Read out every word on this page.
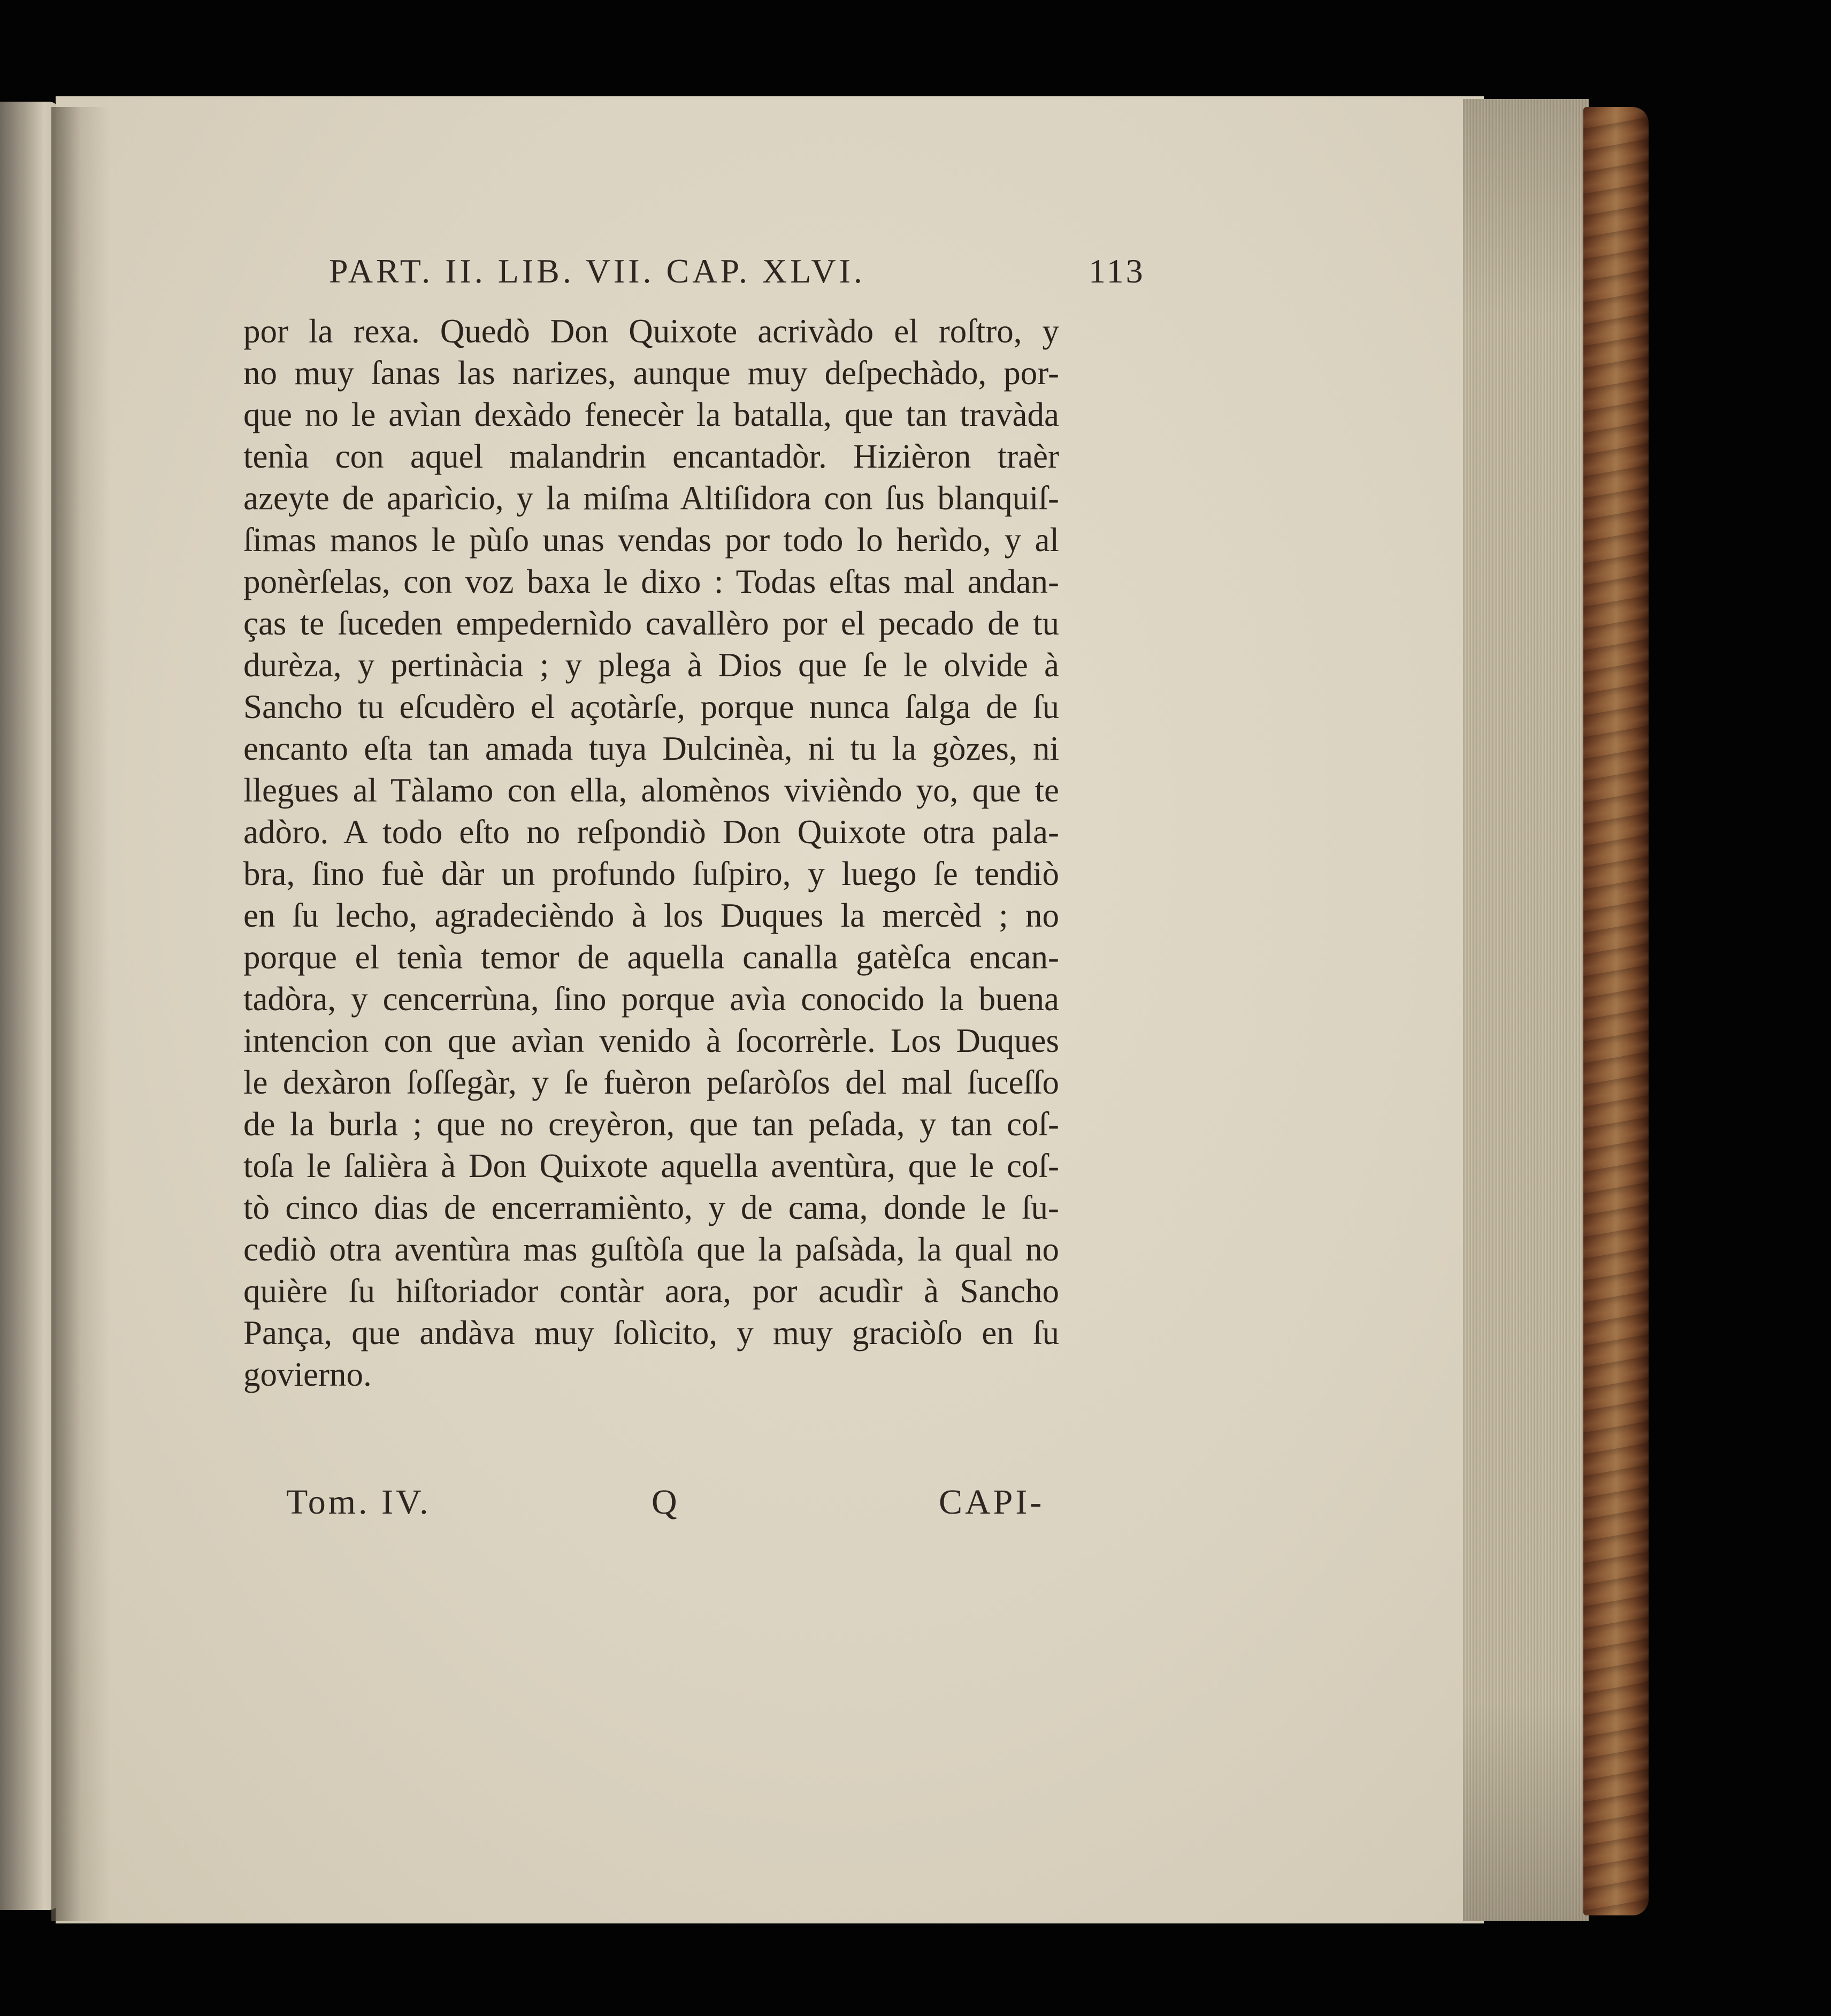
PART. II. LIB. VII. CAP. XLVI.	113
por la rexa. Quedò Don Quixote acrivàdo el roſtro, y
no muy ſanas las narizes, aunque muy deſpechàdo, por-
que no le avìan dexàdo fenecèr la batalla, que tan travàda
tenìa con aquel malandrin encantadòr. Hizièron traèr
azeyte de aparìcio, y la miſma Altiſidora con ſus blanquiſ-
ſimas manos le pùſo unas vendas por todo lo herìdo, y al
ponèrſelas, con voz baxa le dixo : Todas eſtas mal andan-
ças te ſuceden empedernìdo cavallèro por el pecado de tu
durèza, y pertinàcia ; y plega à Dios que ſe le olvide à
Sancho tu eſcudèro el açotàrſe, porque nunca ſalga de ſu
encanto eſta tan amada tuya Dulcinèa, ni tu la gòzes, ni
llegues al Tàlamo con ella, alomènos vivièndo yo, que te
adòro. A todo eſto no reſpondiò Don Quixote otra pala-
bra, ſino fuè dàr un profundo ſuſpiro, y luego ſe tendiò
en ſu lecho, agradecièndo à los Duques la mercèd ; no
porque el tenìa temor de aquella canalla gatèſca encan-
tadòra, y cencerrùna, ſino porque avìa conocido la buena
intencion con que avìan venido à ſocorrèrle. Los Duques
le dexàron ſoſſegàr, y ſe fuèron peſaròſos del mal ſuceſſo
de la burla ; que no creyèron, que tan peſada, y tan coſ-
toſa le ſalièra à Don Quixote aquella aventùra, que le coſ-
tò cinco dias de encerramiènto, y de cama, donde le ſu-
cediò otra aventùra mas guſtòſa que la paſsàda, la qual no
quière ſu hiſtoriador contàr aora, por acudìr à Sancho
Pança, que andàva muy ſolìcito, y muy graciòſo en ſu
govierno.
Tom. IV.	Q	CAPI-
